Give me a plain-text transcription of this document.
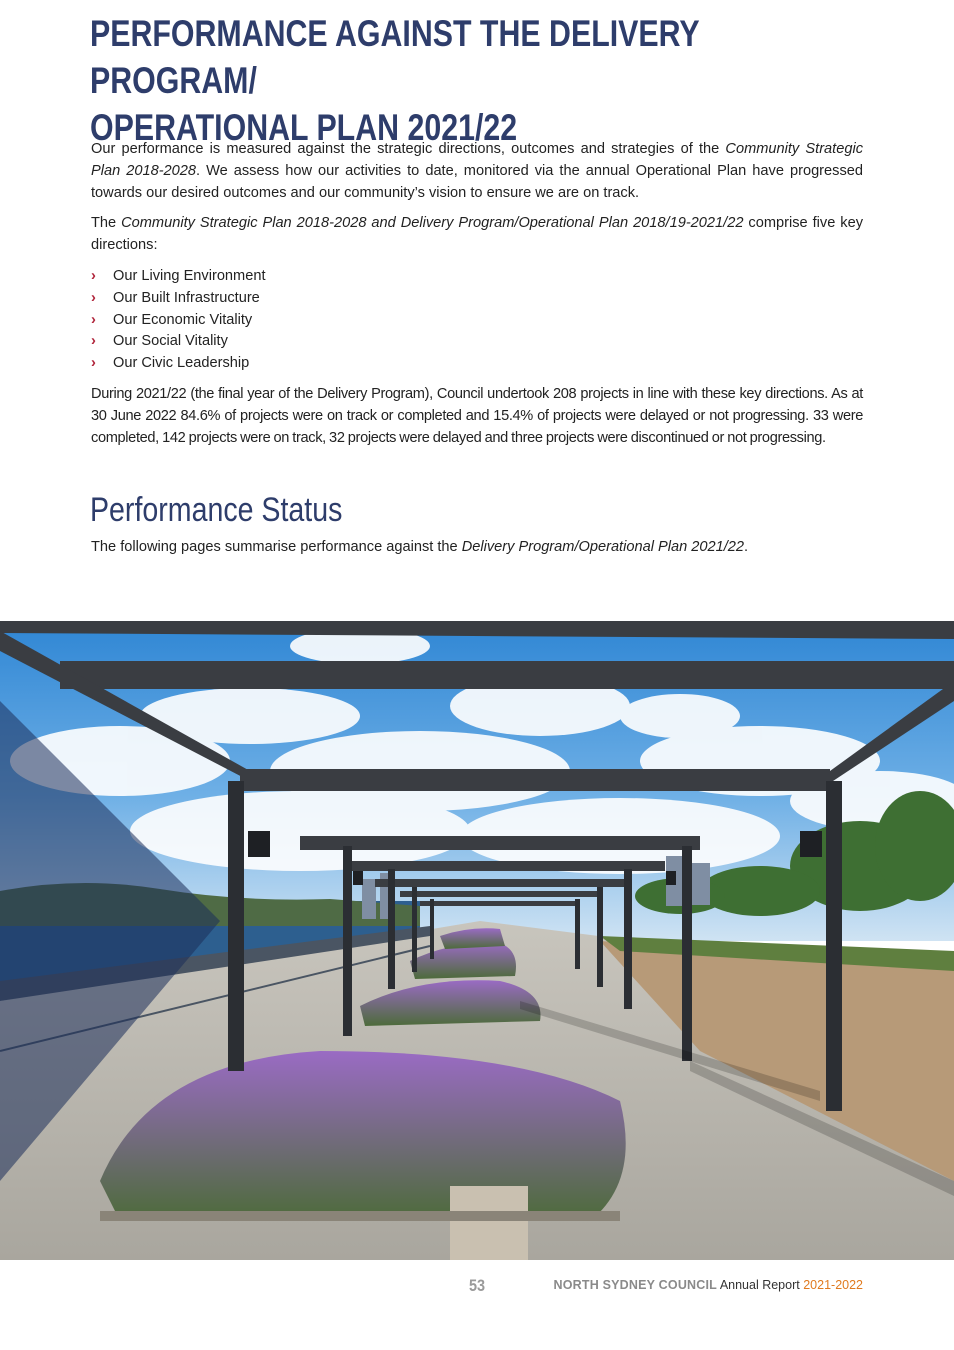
PERFORMANCE AGAINST THE DELIVERY PROGRAM/
OPERATIONAL PLAN 2021/22

Our performance is measured against the strategic directions, outcomes and strategies of the Community Strategic Plan 2018-2028. We assess how our activities to date, monitored via the annual Operational Plan have progressed towards our desired outcomes and our community’s vision to ensure we are on track.

The Community Strategic Plan 2018-2028 and Delivery Program/Operational Plan 2018/19-2021/22 comprise five key directions:

› Our Living Environment
› Our Built Infrastructure
› Our Economic Vitality
› Our Social Vitality
› Our Civic Leadership

During 2021/22 (the final year of the Delivery Program), Council undertook 208 projects in line with these key directions. As at 30 June 2022 84.6% of projects were on track or completed and 15.4% of projects were delayed or not progressing. 33 were completed, 142 projects were on track, 32 projects were delayed and three projects were discontinued or not progressing.

Performance Status

The following pages summarise performance against the Delivery Program/Operational Plan 2021/22.

53	NORTH SYDNEY COUNCIL Annual Report 2021-2022
